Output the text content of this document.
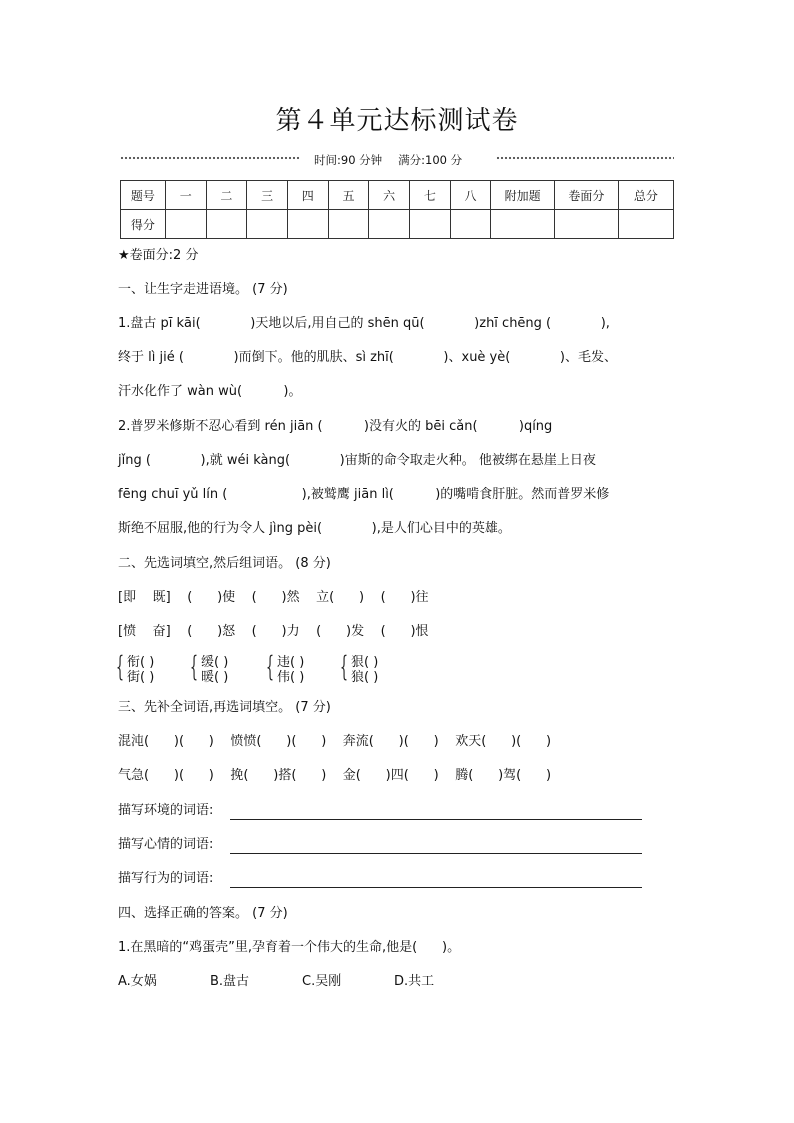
第４单元达标测试卷
时间:90 分钟 满分:100 分
题号	一	二	三	四	五	六	七	八	附加题	卷面分	总分
得分											
★卷面分:2 分
一、让生字走进语境。 (7 分)
1.盘古 pī kāi(            )天地以后,用自己的 shēn qū(            )zhī chēng (            ),
终于 lì jié (            )而倒下。他的肌肤、sì zhī(            )、xuè yè(            )、毛发、
汗水化作了 wàn wù(          )。
2.普罗米修斯不忍心看到 rén jiān (          )没有火的 bēi cǎn(          )qíng
jǐng (            ),就 wéi kàng(            )宙斯的命令取走火种。 他被绑在悬崖上日夜
fēng chuī yǔ lín (                  ),被鹫鹰 jiān lì(          )的嘴啃食肝脏。然而普罗米修
斯绝不屈服,他的行为令人 jìng pèi(            ),是人们心目中的英雄。
二、先选词填空,然后组词语。 (8 分)
[即    既]    (      )使    (      )然    立(      )    (      )往
[愤    奋]    (      )怒    (      )力    (      )发    (      )恨
{ 衔( )
街( ) { 缓( )
暖( ) { 违( )
伟( ) { 狠( )
狼( )
三、先补全词语,再选词填空。 (7 分)
混沌(      )(      )    愤愤(      )(      )    奔流(      )(      )    欢天(      )(      )
气急(      )(      )    挽(      )搭(      )    金(      )四(      )    腾(      )驾(      )
描写环境的词语:
描写心情的词语:
描写行为的词语:
四、选择正确的答案。 (7 分)
1.在黑暗的“鸡蛋壳”里,孕育着一个伟大的生命,他是(      )。
A.女娲	B.盘古	C.吴刚	D.共工
